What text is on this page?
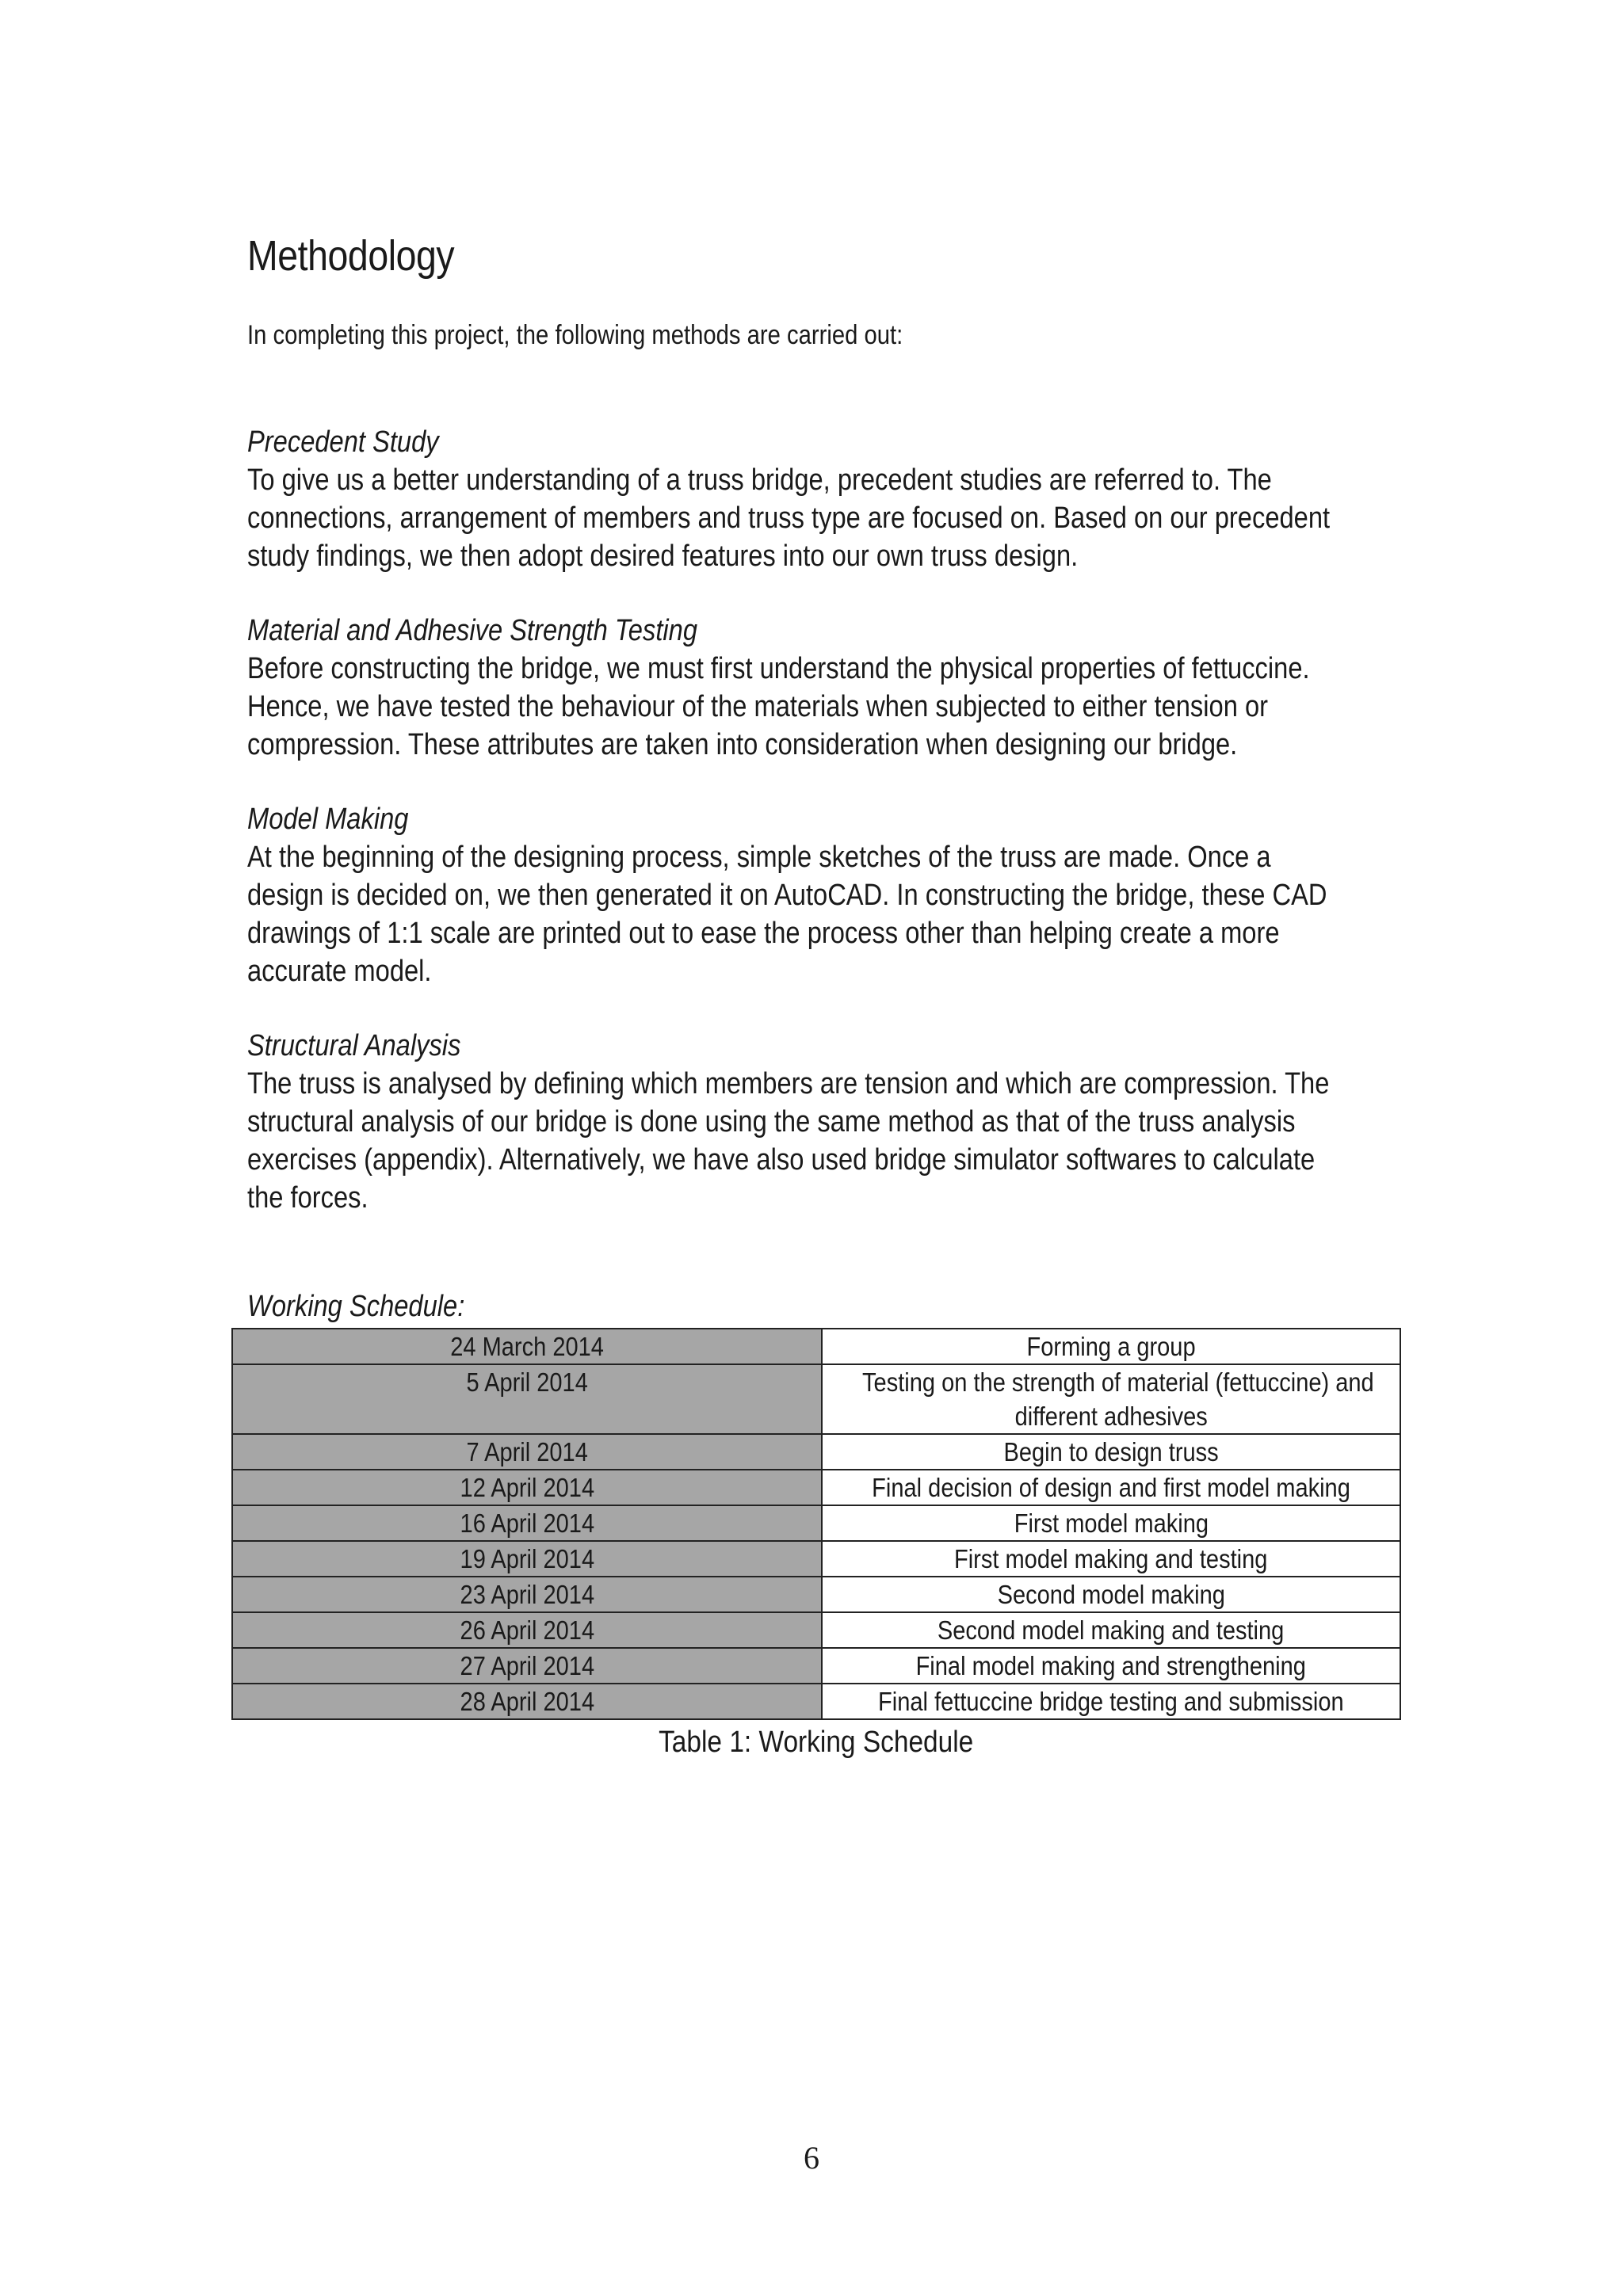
Methodology
In completing this project, the following methods are carried out:
Precedent Study
To give us a better understanding of a truss bridge, precedent studies are referred to. The
connections, arrangement of members and truss type are focused on. Based on our precedent
study findings, we then adopt desired features into our own truss design.
Material and Adhesive Strength Testing
Before constructing the bridge, we must first understand the physical properties of fettuccine.
Hence, we have tested the behaviour of the materials when subjected to either tension or
compression. These attributes are taken into consideration when designing our bridge.
Model Making
At the beginning of the designing process, simple sketches of the truss are made. Once a
design is decided on, we then generated it on AutoCAD. In constructing the bridge, these CAD
drawings of 1:1 scale are printed out to ease the process other than helping create a more
accurate model.
Structural Analysis
The truss is analysed by defining which members are tension and which are compression. The
structural analysis of our bridge is done using the same method as that of the truss analysis
exercises (appendix). Alternatively, we have also used bridge simulator softwares to calculate
the forces.
Working Schedule:
24 March 2014	Forming a group
5 April 2014	Testing on the strength of material (fettuccine) and
different adhesives
7 April 2014	Begin to design truss
12 April 2014	Final decision of design and first model making
16 April 2014	First model making
19 April 2014	First model making and testing
23 April 2014	Second model making
26 April 2014	Second model making and testing
27 April 2014	Final model making and strengthening
28 April 2014	Final fettuccine bridge testing and submission
Table 1: Working Schedule
6
